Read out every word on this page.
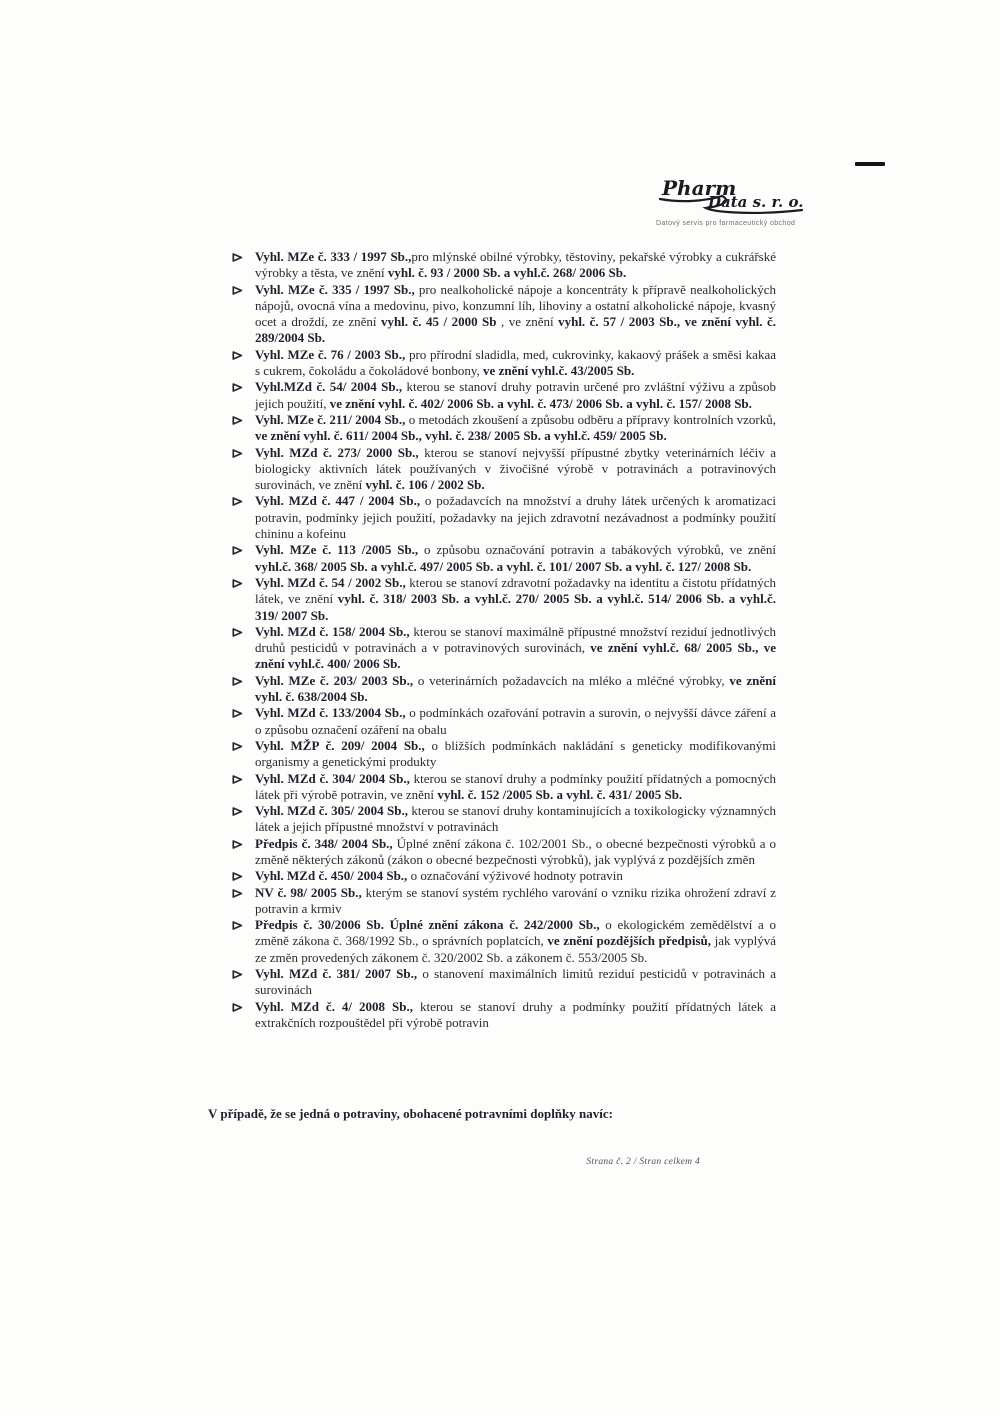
Pharm
Data s. r. o.
Datový servis pro farmaceutický obchod
Vyhl. MZe č. 333 / 1997 Sb.,pro mlýnské obilné výrobky, těstoviny, pekařské výrobky a cukrářské výrobky a těsta, ve znění vyhl. č. 93 / 2000 Sb. a vyhl.č. 268/ 2006 Sb.
Vyhl. MZe č. 335 / 1997 Sb., pro nealkoholické nápoje a koncentráty k přípravě nealkoholických nápojů, ovocná vína a medovinu, pivo, konzumní líh, lihoviny a ostatní alkoholické nápoje, kvasný ocet a droždí, ze znění vyhl. č. 45 / 2000 Sb , ve znění vyhl. č. 57 / 2003 Sb., ve znění vyhl. č. 289/2004 Sb.
Vyhl. MZe č. 76 / 2003 Sb., pro přírodní sladidla, med, cukrovinky, kakaový prášek a směsi kakaa s cukrem, čokoládu a čokoládové bonbony, ve znění vyhl.č. 43/2005 Sb.
Vyhl.MZd č. 54/ 2004 Sb., kterou se stanoví druhy potravin určené pro zvláštní výživu a způsob jejich použití, ve znění vyhl. č. 402/ 2006 Sb. a vyhl. č. 473/ 2006 Sb. a vyhl. č. 157/ 2008 Sb.
Vyhl. MZe č. 211/ 2004 Sb., o metodách zkoušení a způsobu odběru a přípravy kontrolních vzorků, ve znění vyhl. č. 611/ 2004 Sb., vyhl. č. 238/ 2005 Sb. a vyhl.č. 459/ 2005 Sb.
Vyhl. MZd č. 273/ 2000 Sb., kterou se stanoví nejvyšší přípustné zbytky veterinárních léčiv a biologicky aktivních látek používaných v živočišné výrobě v potravinách a potravinových surovinách, ve znění vyhl. č. 106 / 2002 Sb.
Vyhl. MZd č. 447 / 2004 Sb., o požadavcích na množství a druhy látek určených k aromatizaci potravin, podmínky jejich použití, požadavky na jejich zdravotní nezávadnost a podmínky použití chininu a kofeinu
Vyhl. MZe č. 113 /2005 Sb., o způsobu označování potravin a tabákových výrobků, ve znění vyhl.č. 368/ 2005 Sb. a vyhl.č. 497/ 2005 Sb. a vyhl. č. 101/ 2007 Sb. a vyhl. č. 127/ 2008 Sb.
Vyhl. MZd č. 54 / 2002 Sb., kterou se stanoví zdravotní požadavky na identitu a čistotu přídatných látek, ve znění vyhl. č. 318/ 2003 Sb. a vyhl.č. 270/ 2005 Sb. a vyhl.č. 514/ 2006 Sb. a vyhl.č. 319/ 2007 Sb.
Vyhl. MZd č. 158/ 2004 Sb., kterou se stanoví maximálně přípustné množství reziduí jednotlivých druhů pesticidů v potravinách a v potravinových surovinách, ve znění vyhl.č. 68/ 2005 Sb., ve znění vyhl.č. 400/ 2006 Sb.
Vyhl. MZe č. 203/ 2003 Sb., o veterinárních požadavcích na mléko a mléčné výrobky, ve znění vyhl. č. 638/2004 Sb.
Vyhl. MZd č. 133/2004 Sb., o podmínkách ozařování potravin a surovin, o nejvyšší dávce záření a o způsobu označení ozáření na obalu
Vyhl. MŽP č. 209/ 2004 Sb., o bližších podmínkách nakládání s geneticky modifikovanými organismy a genetickými produkty
Vyhl. MZd č. 304/ 2004 Sb., kterou se stanoví druhy a podmínky použití přídatných a pomocných látek při výrobě potravin, ve znění vyhl. č. 152 /2005 Sb. a vyhl. č. 431/ 2005 Sb.
Vyhl. MZd č. 305/ 2004 Sb., kterou se stanoví druhy kontaminujících a toxikologicky významných látek a jejich přípustné množství v potravinách
Předpis č. 348/ 2004 Sb., Úplné znění zákona č. 102/2001 Sb., o obecné bezpečnosti výrobků a o změně některých zákonů (zákon o obecné bezpečnosti výrobků), jak vyplývá z pozdějších změn
Vyhl. MZd č. 450/ 2004 Sb., o označování výživové hodnoty potravin
NV č. 98/ 2005 Sb., kterým se stanoví systém rychlého varování o vzniku rizika ohrožení zdraví z potravin a krmiv
Předpis č. 30/2006 Sb. Úplné znění zákona č. 242/2000 Sb., o ekologickém zemědělství a o změně zákona č. 368/1992 Sb., o správních poplatcích, ve znění pozdějších předpisů, jak vyplývá ze změn provedených zákonem č. 320/2002 Sb. a zákonem č. 553/2005 Sb.
Vyhl. MZd č. 381/ 2007 Sb., o stanovení maximálních limitů reziduí pesticidů v potravinách a surovinách
Vyhl. MZd č. 4/ 2008 Sb., kterou se stanoví druhy a podmínky použití přídatných látek a extrakčních rozpouštědel při výrobě potravin
V případě, že se jedná o potraviny, obohacené potravními doplňky navíc:
Strana č. 2 / Stran celkem 4
